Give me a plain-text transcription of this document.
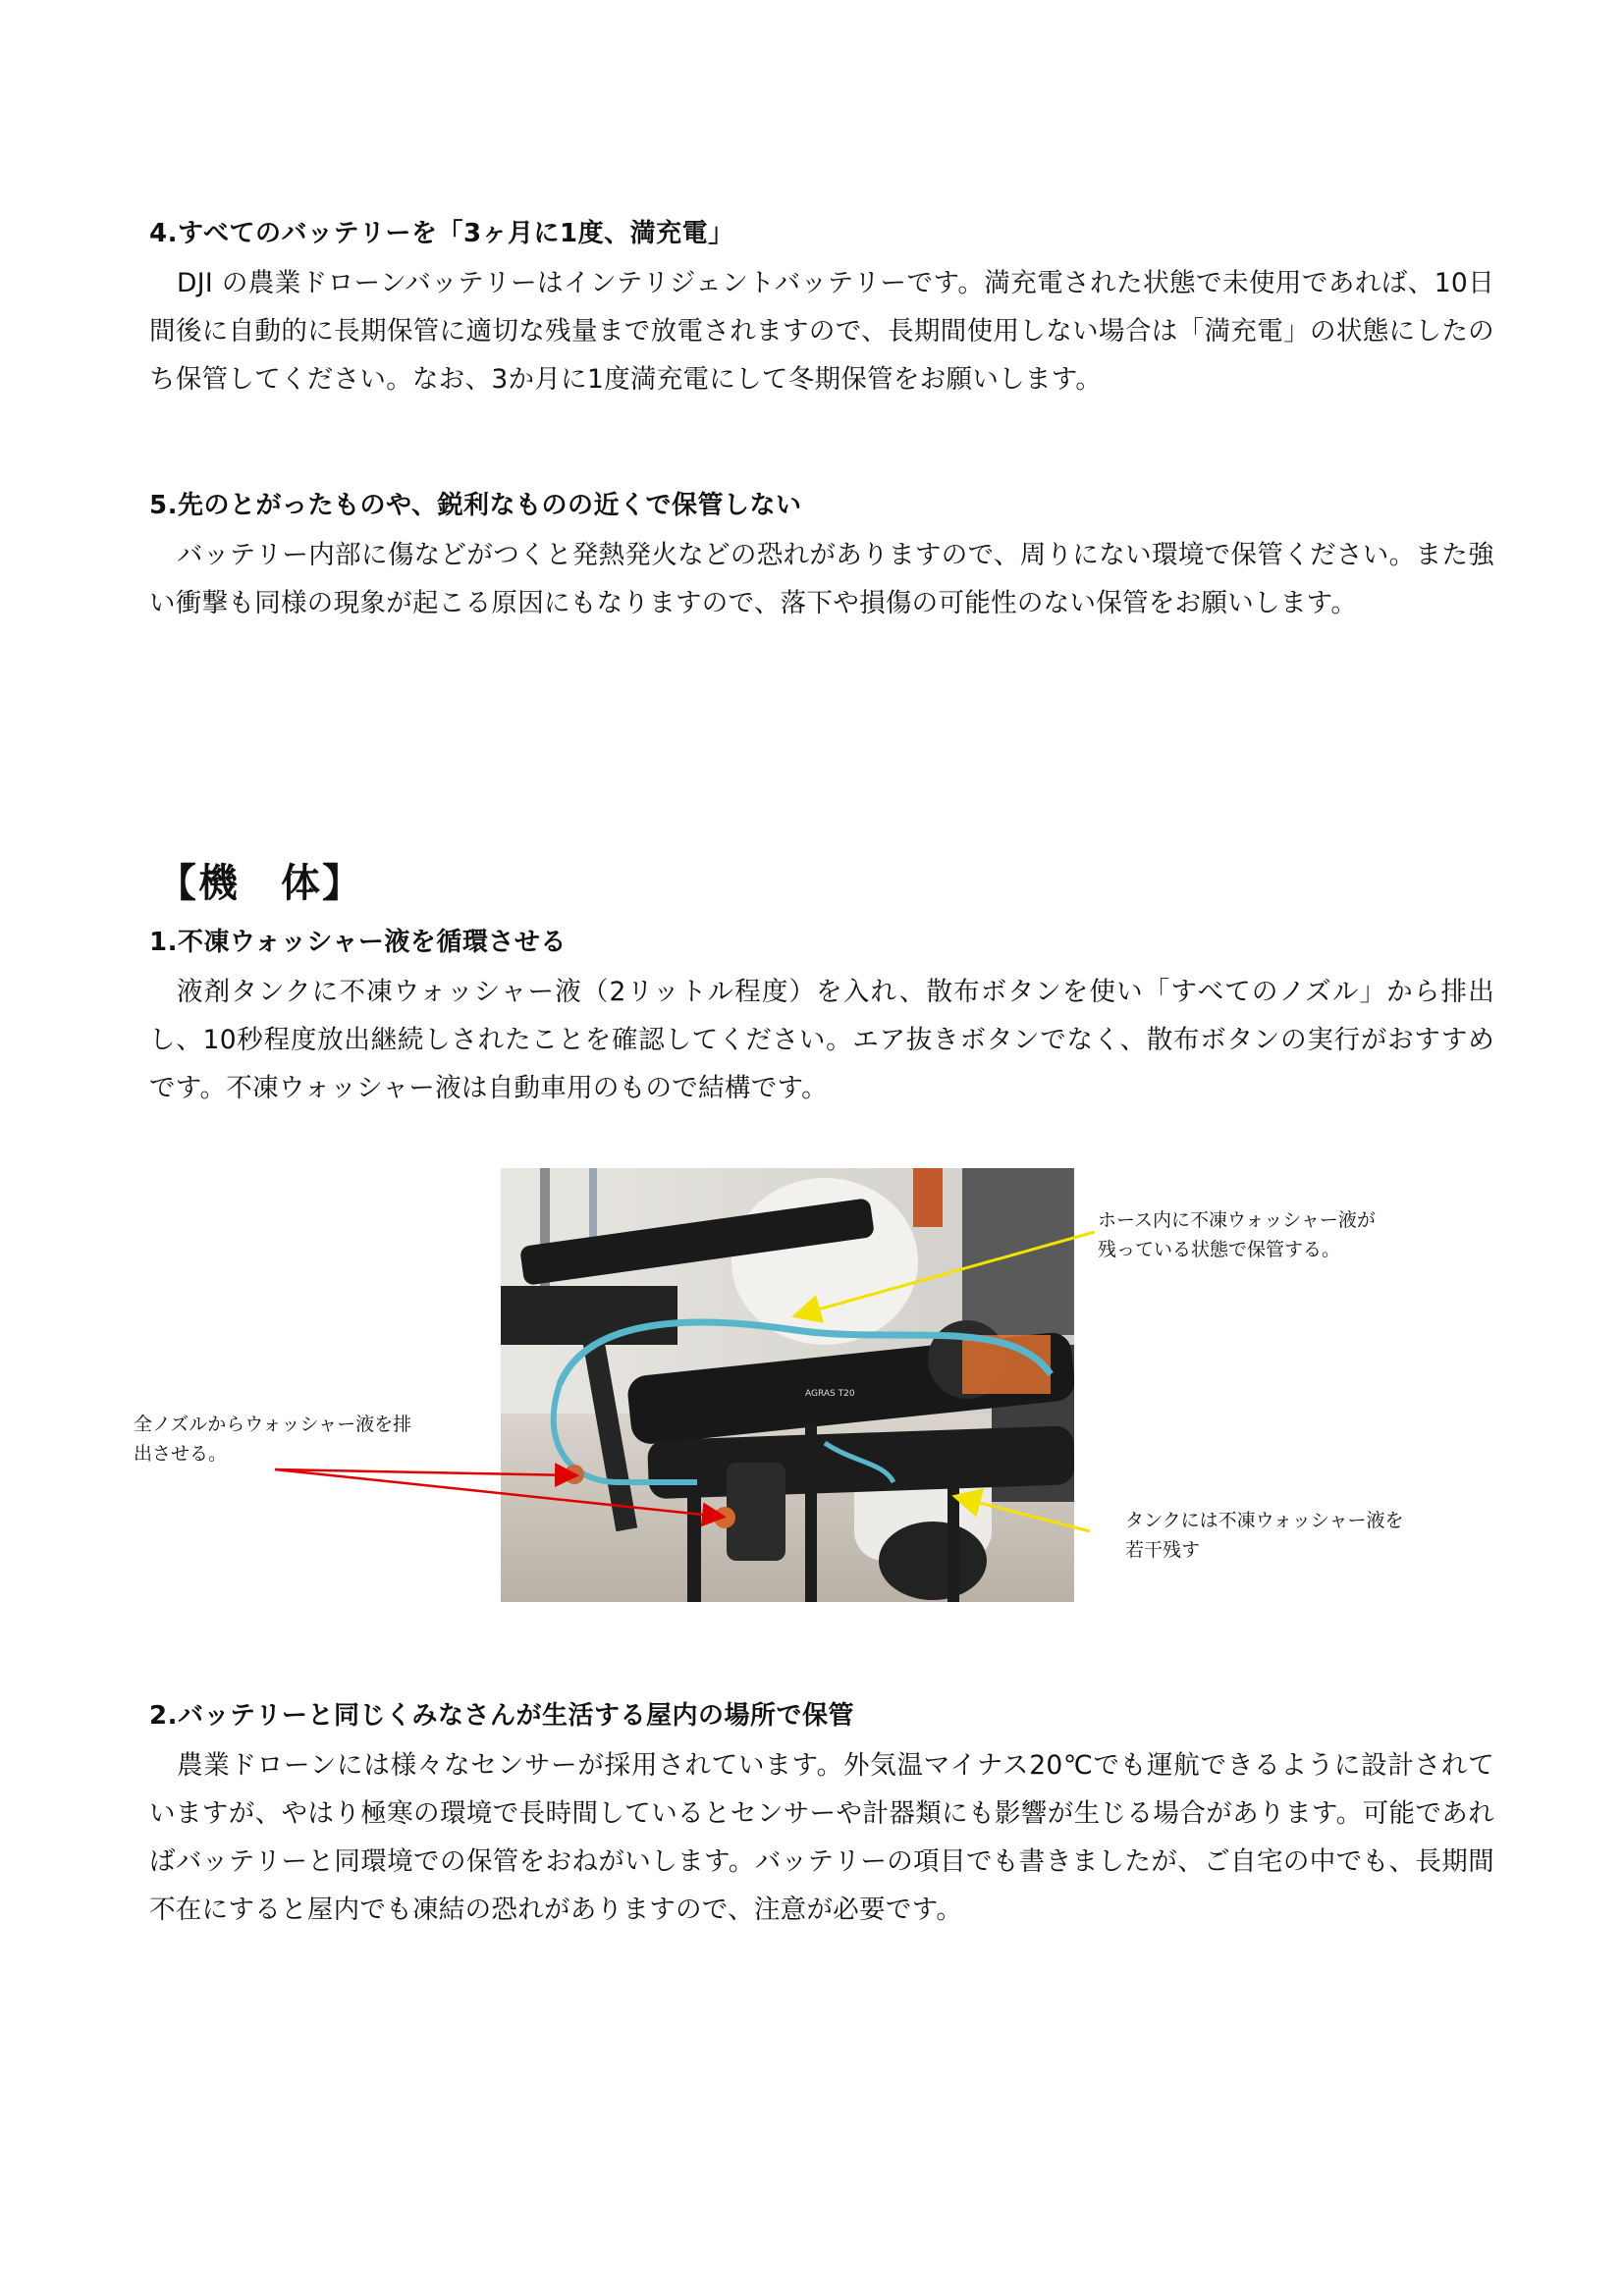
4.すべてのバッテリーを「3ヶ月に1度、満充電」

DJI の農業ドローンバッテリーはインテリジェントバッテリーです。満充電された状態で未使用であれば、10日間後に自動的に長期保管に適切な残量まで放電されますので、長期間使用しない場合は「満充電」の状態にしたのち保管してください。なお、3か月に1度満充電にして冬期保管をお願いします。

5.先のとがったものや、鋭利なものの近くで保管しない

バッテリー内部に傷などがつくと発熱発火などの恐れがありますので、周りにない環境で保管ください。また強い衝撃も同様の現象が起こる原因にもなりますので、落下や損傷の可能性のない保管をお願いします。

【機　体】
1.不凍ウォッシャー液を循環させる

液剤タンクに不凍ウォッシャー液（2リットル程度）を入れ、散布ボタンを使い「すべてのノズル」から排出し、10秒程度放出継続しされたことを確認してください。エア抜きボタンでなく、散布ボタンの実行がおすすめです。不凍ウォッシャー液は自動車用のもので結構です。

AGRAS T20
ホース内に不凍ウォッシャー液が
残っている状態で保管する。
全ノズルからウォッシャー液を排
出させる。
タンクには不凍ウォッシャー液を
若干残す
2.バッテリーと同じくみなさんが生活する屋内の場所で保管

農業ドローンには様々なセンサーが採用されています。外気温マイナス20℃でも運航できるように設計されていますが、やはり極寒の環境で長時間しているとセンサーや計器類にも影響が生じる場合があります。可能であればバッテリーと同環境での保管をおねがいします。バッテリーの項目でも書きましたが、ご自宅の中でも、長期間不在にすると屋内でも凍結の恐れがありますので、注意が必要です。
